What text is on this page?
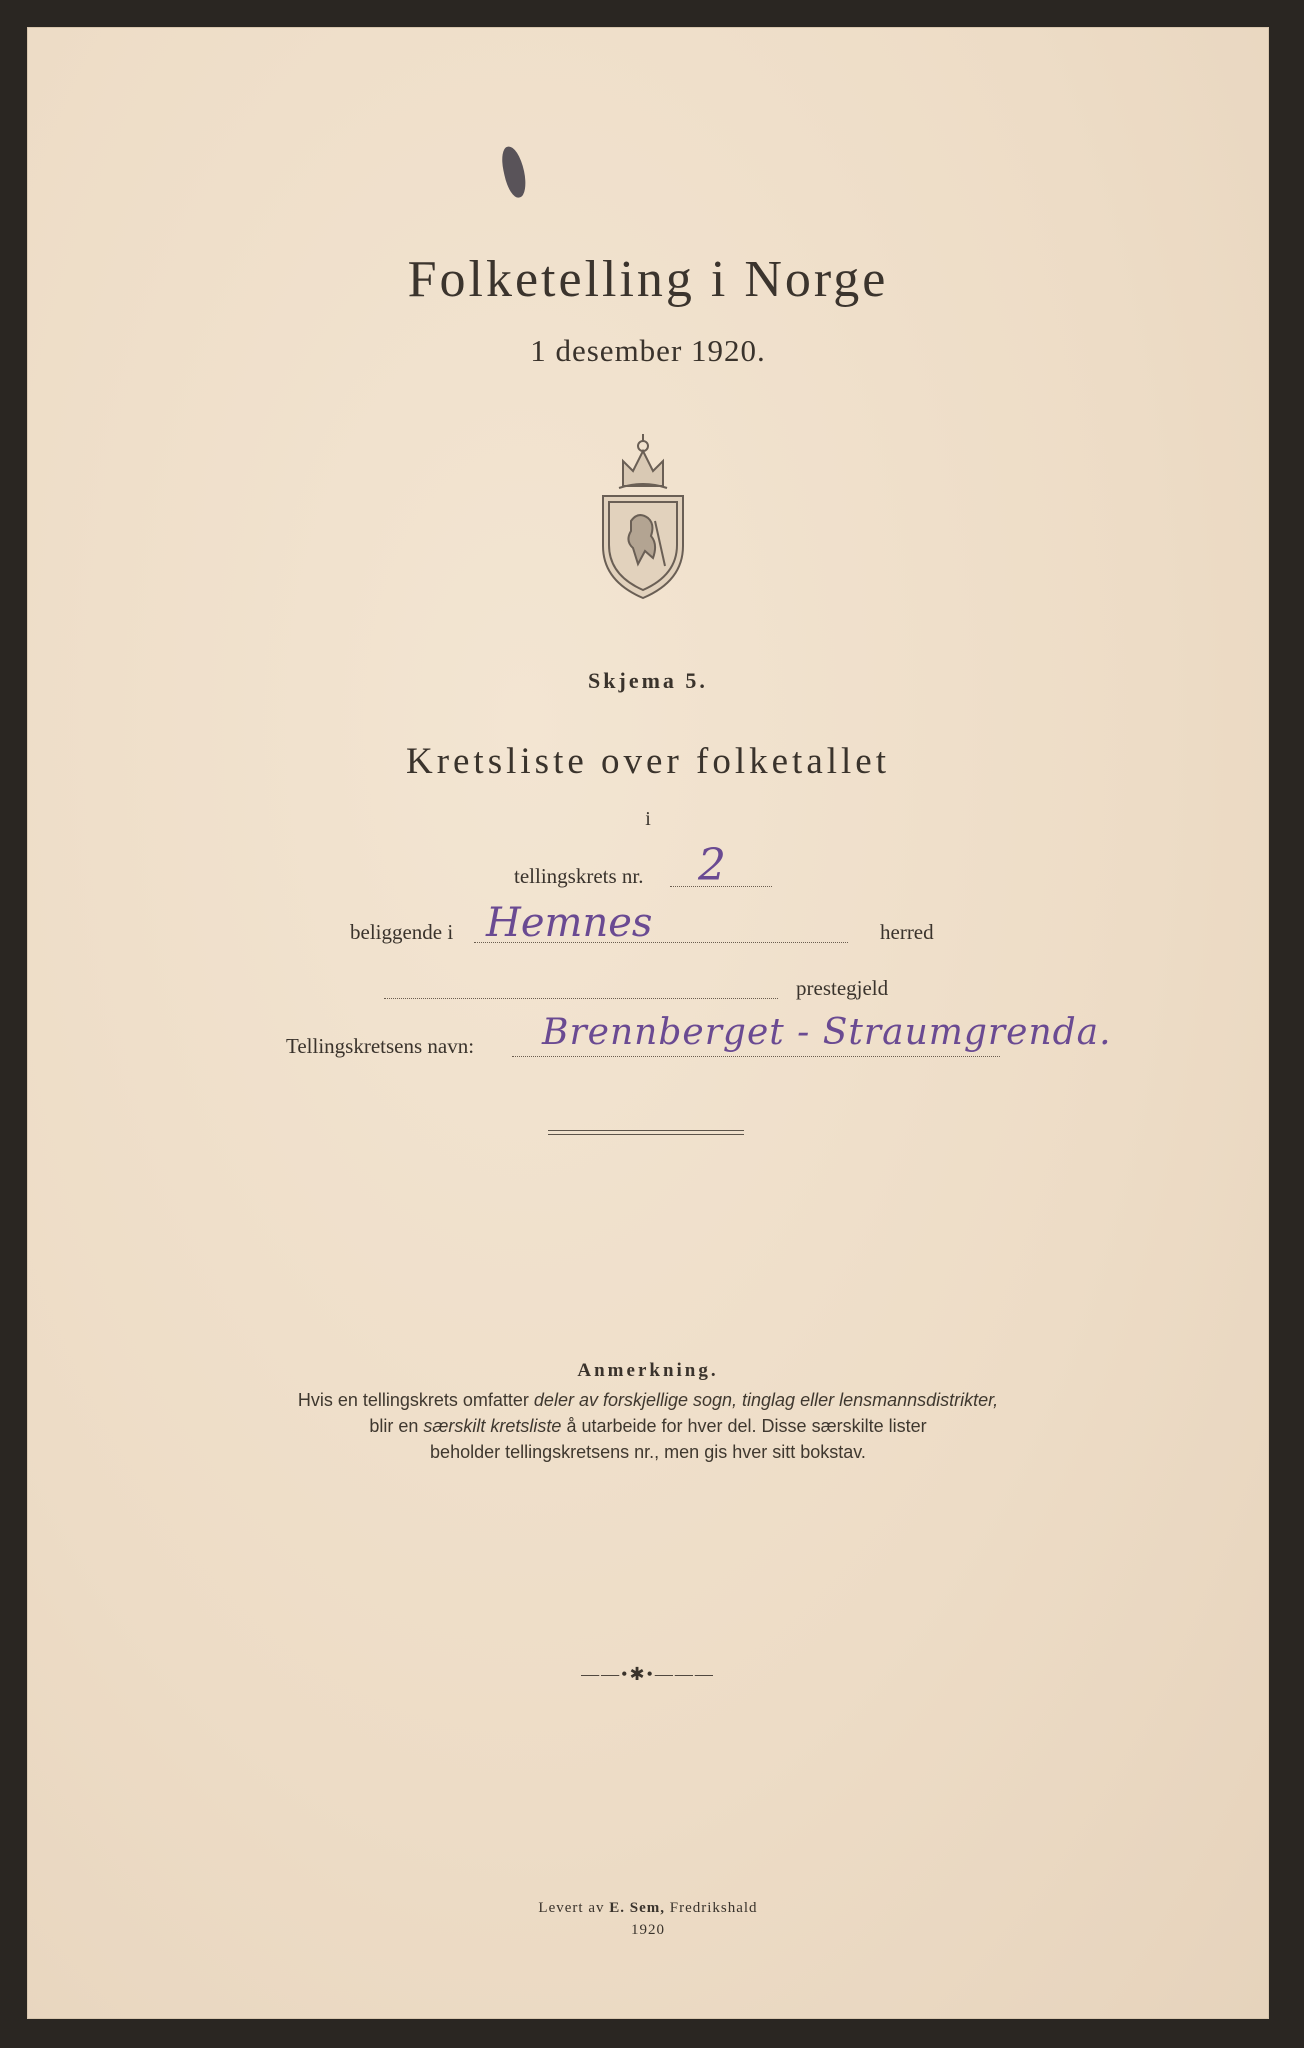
Folketelling i Norge
1 desember 1920.
Skjema 5.
Kretsliste over folketallet
i
tellingskrets nr. 2
beliggende i Hemnes	herred
prestegjeld
Tellingskretsens navn: Brennberget - Straumgrenda.
Anmerkning.
Hvis en tellingskrets omfatter deler av forskjellige sogn, tinglag eller lensmannsdistrikter,
blir en særskilt kretsliste å utarbeide for hver del. Disse særskilte lister
beholder tellingskretsens nr., men gis hver sitt bokstav.
——•✱•———
Levert av E. Sem, Fredrikshald
1920
